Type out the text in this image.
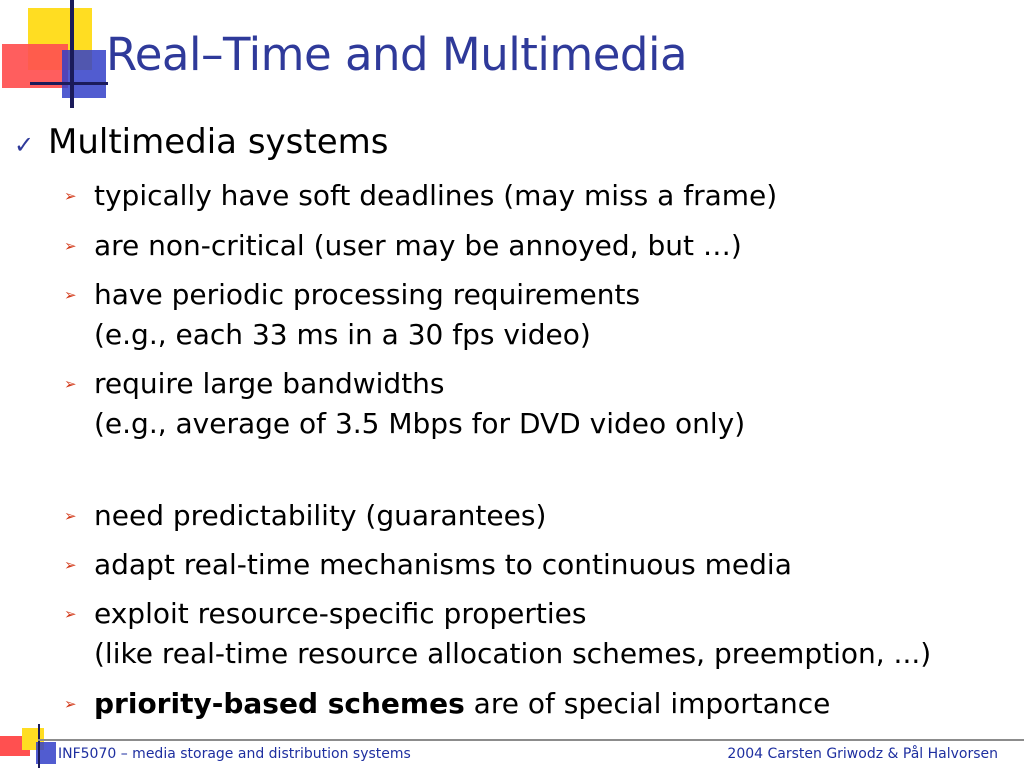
Real–Time and Multimedia
✓ Multimedia systems
➢ typically have soft deadlines (may miss a frame)
➢ are non-critical (user may be annoyed, but …)
➢ have periodic processing requirements
(e.g., each 33 ms in a 30 fps video)
➢ require large bandwidths
(e.g., average of 3.5 Mbps for DVD video only)
➢ need predictability (guarantees)
➢ adapt real-time mechanisms to continuous media
➢ exploit resource-specific properties
(like real-time resource allocation schemes, preemption, ...)
➢ priority-based schemes are of special importance
INF5070 – media storage and distribution systems	2004 Carsten Griwodz & Pål Halvorsen
